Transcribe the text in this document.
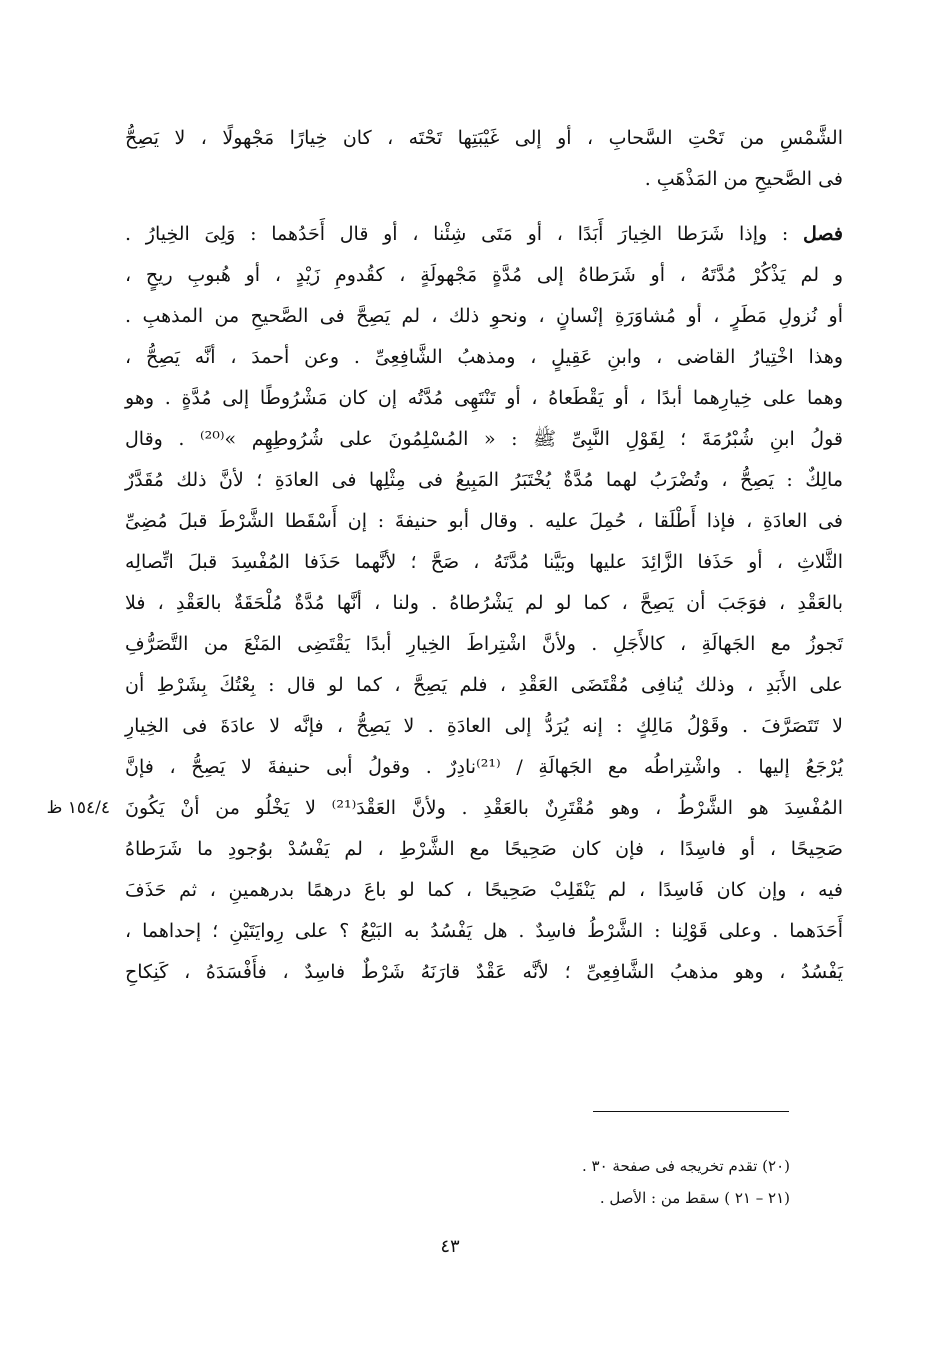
الشَّمْسِ من تَحْتِ السَّحابِ ، أو إلى غَيْبَتِها تَحْتَه ، كان خِيارًا مَجْهولًا ، لا يَصِحُّ
فى الصَّحيحِ من المَذْهَبِ .
فصل : وإذا شَرَطا الخِيارَ أَبَدًا ، أو مَتَى شِئْنا ، أو قال أَحَدُهما : وَلِىَ الخِيارُ .
و لم يَذْكُرْ مُدَّتَهُ ، أو شَرَطاهُ إلى مُدَّةٍ مَجْهولَةٍ ، كقُدومِ زَيْدٍ ، أو هُبوبِ ريحٍ ،
أو نُزولِ مَطَرٍ ، أو مُشاوَرَةِ إنْسانٍ ، ونحوِ ذلك ، لم يَصِحَّ فى الصَّحيحِ من المذهبِ .
وهذا اخْتِيارُ القاضى ، وابنِ عَقِيلٍ ، ومذهبُ الشَّافِعِىِّ . وعن أحمدَ ، أنَّه يَصِحُّ ،
وهما على خِيارِهما أبدًا ، أو يَقْطَعاهُ ، أو تَنْتَهِى مُدَّتُه إن كان مَشْرُوطًا إلى مُدَّةٍ . وهو
قولُ ابنِ شُبْرُمَةَ ؛ لِقَوْلِ النَّبِىِّ ﷺ : « المُسْلِمُونَ على شُرُوطِهِم »⁽²⁰⁾ . وقال
مالِكٌ : يَصِحُّ ، وتُضْرَبُ لهما مُدَّةٌ يُخْتَبَرُ المَبِيعُ فى مِثْلِها فى العادَةِ ؛ لأنَّ ذلك مُقَدَّرٌ
فى العادَةِ ، فإذا أَطْلَقا ، حُمِلَ عليه . وقال أبو حنيفةَ : إن أَسْقَطا الشَّرْطَ قبلَ مُضِىِّ
الثَّلاثِ ، أو حَذَفا الزَّائِدَ عليها وبَيَّنا مُدَّتَهُ ، صَحَّ ؛ لأنَّهما حَذَفا المُفْسِدَ قبلَ اتِّصالِه
بالعَقْدِ ، فوَجَبَ أن يَصِحَّ ، كما لو لم يَشْرُطاهُ . ولنا ، أنَّها مُدَّةٌ مُلْحَقَةٌ بالعَقْدِ ، فلا
تَجوزُ مع الجَهالَةِ ، كالأَجَلِ . ولأنَّ اشْتِراطَ الخِيارِ أبدًا يَقْتَضِى المَنْعَ من التَّصَرُّفِ
على الأَبَدِ ، وذلك يُنافِى مُقْتَضَى العَقْدِ ، فلم يَصِحَّ ، كما لو قال : بِعْتُكَ بِشَرْطِ أن
لا تَتَصَرَّفَ . وقَوْلُ مَالِكٍ : إنه يُرَدُّ إلى العادَةِ . لا يَصِحُّ ، فإنَّه لا عادَةَ فى الخِيارِ
يُرْجَعُ إليها . واشْتِراطُه مع الجَهالَةِ / ⁽²¹⁾نادِرٌ . وقولُ أبى حنيفةَ لا يَصِحُّ ، فإنَّ
المُفْسِدَ هو الشَّرْطُ ، وهو مُقْتَرِنٌ بالعَقْدِ . ولأنَّ العَقْدَ⁽²¹⁾ لا يَخْلُو من أنْ يَكُونَ
صَحِيحًا ، أو فاسِدًا ، فإن كان صَحِيحًا مع الشَّرْطِ ، لم يَفْسُدْ بوُجودِ ما شَرَطاهُ
فيه ، وإن كان فَاسِدًا ، لم يَنْقَلِبْ صَحِيحًا ، كما لو باعَ درهمًا بدرهمينِ ، ثم حَذَفَ
أَحَدَهما . وعلى قَوْلِنا : الشَّرْطُ فاسِدٌ . هل يَفْسُدُ به البَيْعُ ؟ على رِوايَتَيْنِ ؛ إحداهما ،
يَفْسُدُ ، وهو مذهبُ الشَّافِعِىِّ ؛ لأنَّه عَقْدٌ قارَنَهُ شَرْطٌ فاسِدٌ ، فأَفْسَدَهُ ، كَنِكاحِ
١٥٤/٤ ظ
(٢٠) تقدم تخريجه فى صفحة ٣٠ .
(٢١ – ٢١ ) سقط من : الأصل .
٤٣
